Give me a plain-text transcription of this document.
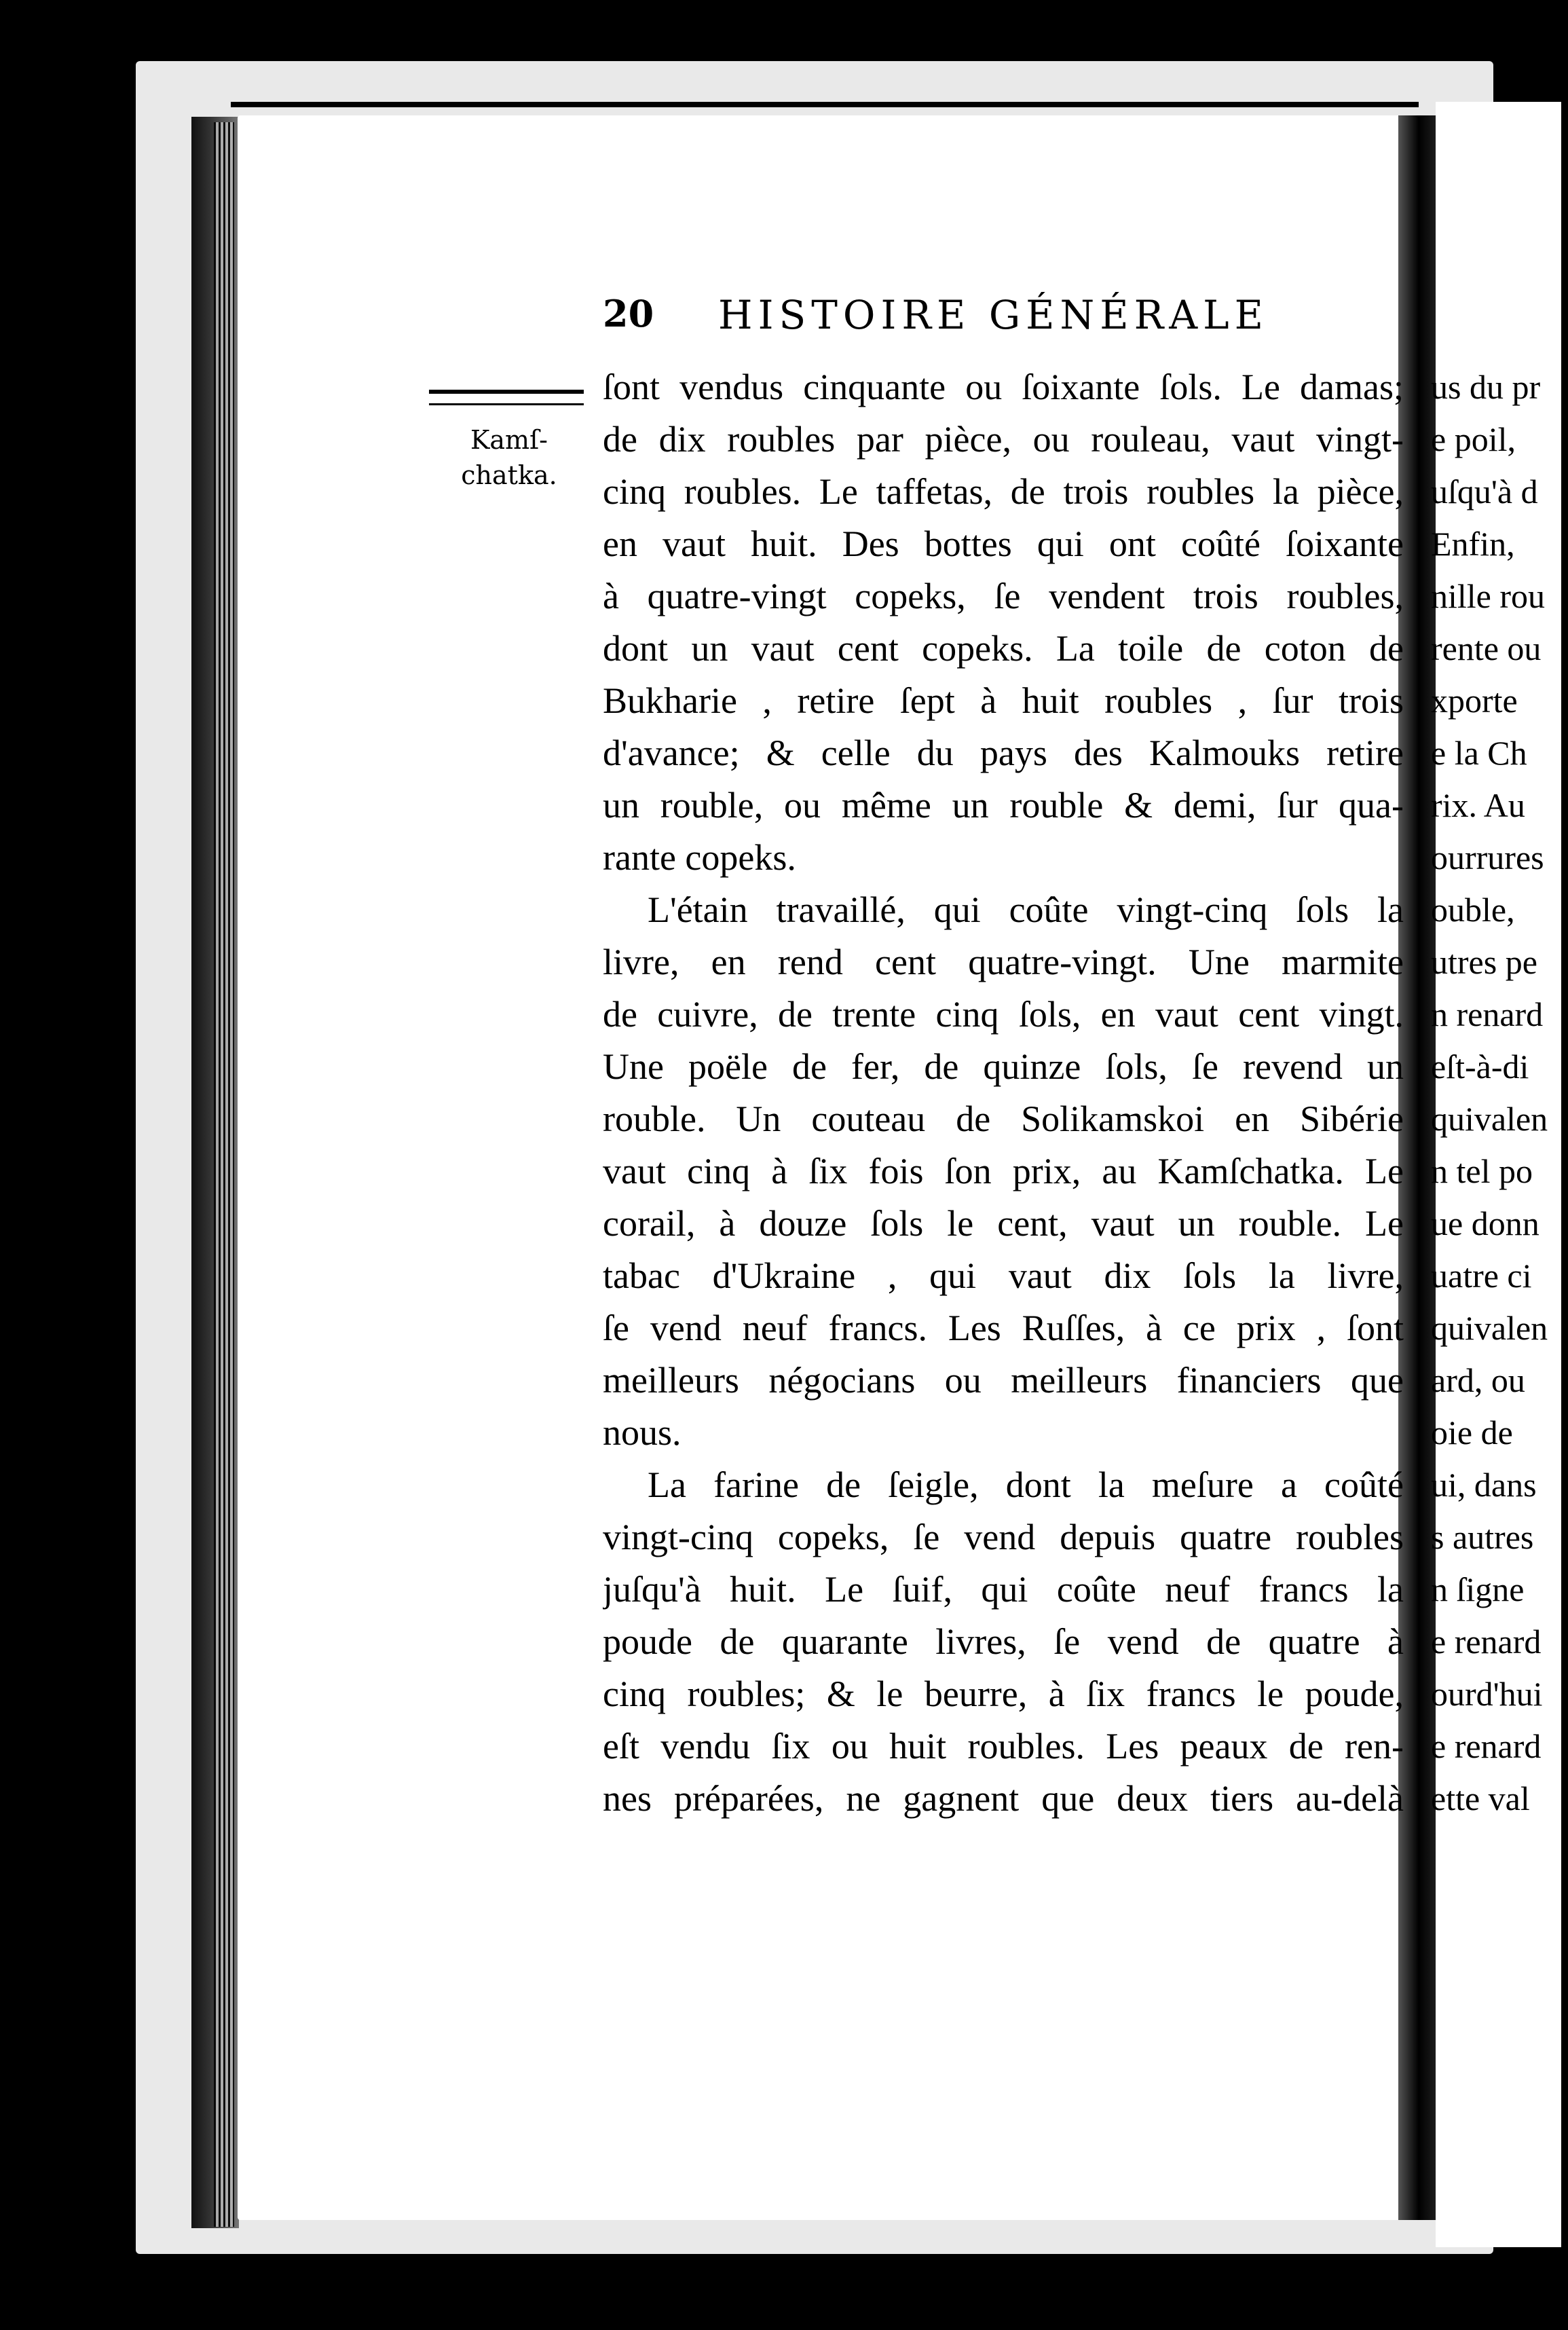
20 HISTOIRE GÉNÉRALE
Kamſ-
chatka.
ſont vendus cinquante ou ſoixante ſols. Le damas;
de dix roubles par pièce, ou rouleau, vaut vingt-
cinq roubles. Le taffetas, de trois roubles la pièce,
en vaut huit. Des bottes qui ont coûté ſoixante
à quatre-vingt copeks, ſe vendent trois roubles,
dont un vaut cent copeks. La toile de coton de
Bukharie , retire ſept à huit roubles , ſur trois
d'avance; & celle du pays des Kalmouks retire
un rouble, ou même un rouble & demi, ſur qua-
rante copeks.
L'étain travaillé, qui coûte vingt-cinq ſols la
livre, en rend cent quatre-vingt. Une marmite
de cuivre, de trente cinq ſols, en vaut cent vingt.
Une poële de fer, de quinze ſols, ſe revend un
rouble. Un couteau de Solikamskoi en Sibérie
vaut cinq à ſix fois ſon prix, au Kamſchatka. Le
corail, à douze ſols le cent, vaut un rouble. Le
tabac d'Ukraine , qui vaut dix ſols la livre,
ſe vend neuf francs. Les Ruſſes, à ce prix , ſont
meilleurs négocians ou meilleurs financiers que
nous.
La farine de ſeigle, dont la meſure a coûté
vingt-cinq copeks, ſe vend depuis quatre roubles
juſqu'à huit. Le ſuif, qui coûte neuf francs la
poude de quarante livres, ſe vend de quatre à
cinq roubles; & le beurre, à ſix francs le poude,
eſt vendu ſix ou huit roubles. Les peaux de ren-
nes préparées, ne gagnent que deux tiers au-delà
us du pr
e poil,
uſqu'à d
Enfin,
nille rou
rente ou
xporte
e la Ch
rix. Au
ourrures
ouble,
utres pe
n renard
eſt-à-di
quivalen
n tel po
ue donn
uatre ci
quivalen
ard, ou
oie de
ui, dans
s autres
n ſigne
e renard
ourd'hui
e renard
ette val
